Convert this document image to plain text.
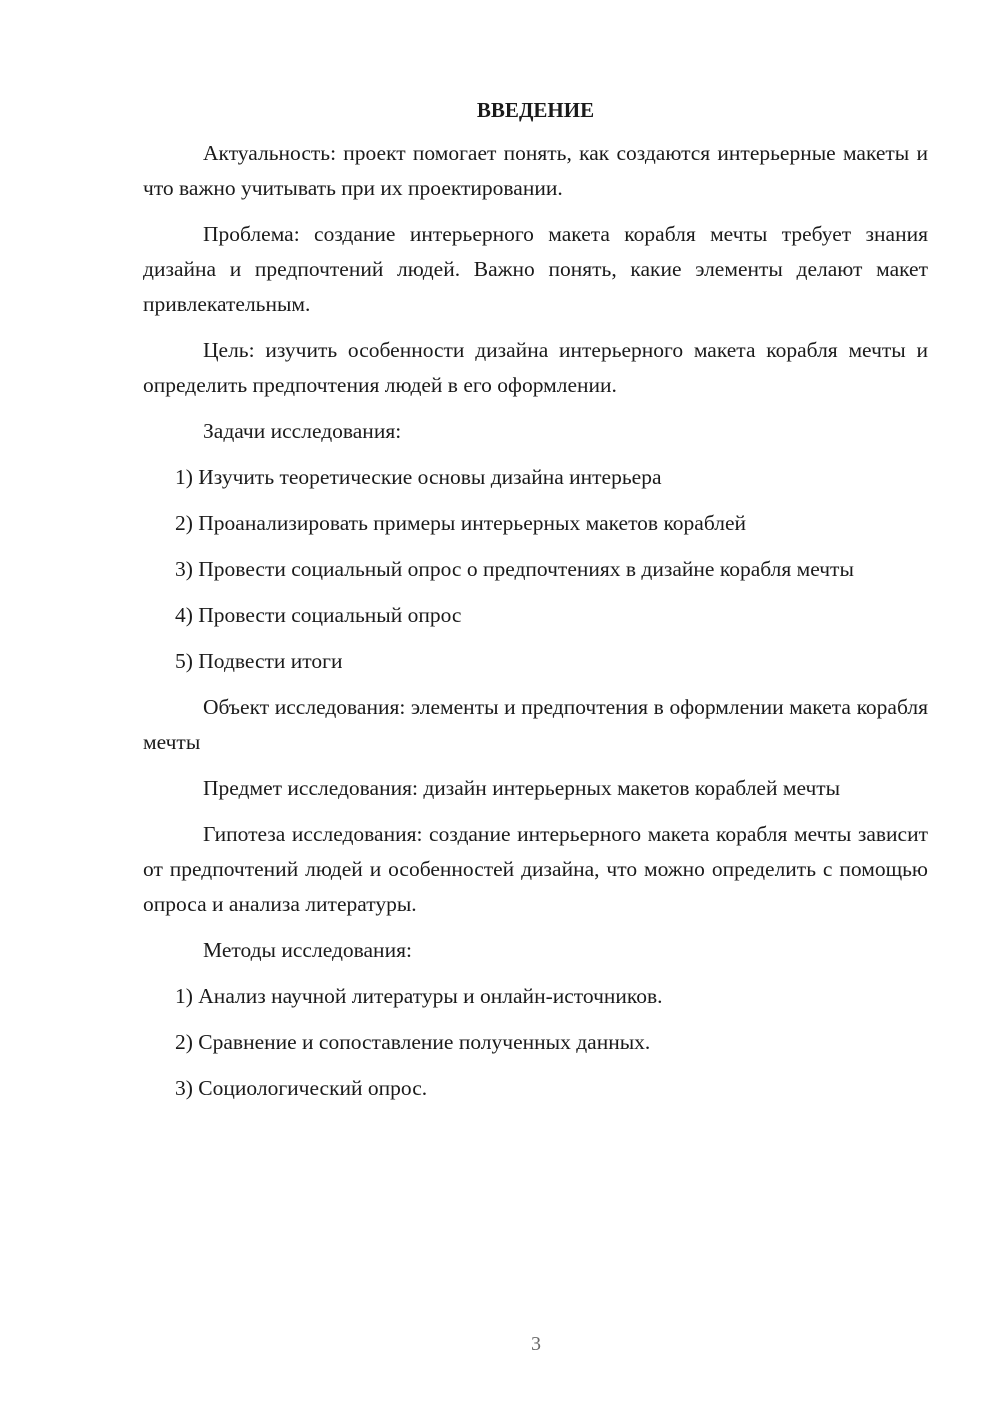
ВВЕДЕНИЕ
Актуальность: проект помогает понять, как создаются интерьерные макеты и что важно учитывать при их проектировании.
Проблема: создание интерьерного макета корабля мечты требует знания дизайна и предпочтений людей. Важно понять, какие элементы делают макет привлекательным.
Цель: изучить особенности дизайна интерьерного макета корабля мечты и определить предпочтения людей в его оформлении.
Задачи исследования:
1) Изучить теоретические основы дизайна интерьера
2) Проанализировать примеры интерьерных макетов кораблей
3) Провести социальный опрос о предпочтениях в дизайне корабля мечты
4) Провести социальный опрос
5) Подвести итоги
Объект исследования: элементы и предпочтения в оформлении макета корабля мечты
Предмет исследования: дизайн интерьерных макетов кораблей мечты
Гипотеза исследования: создание интерьерного макета корабля мечты зависит от предпочтений людей и особенностей дизайна, что можно определить с помощью опроса и анализа литературы.
Методы исследования:
1) Анализ научной литературы и онлайн-источников.
2) Сравнение и сопоставление полученных данных.
3) Социологический опрос.
3
